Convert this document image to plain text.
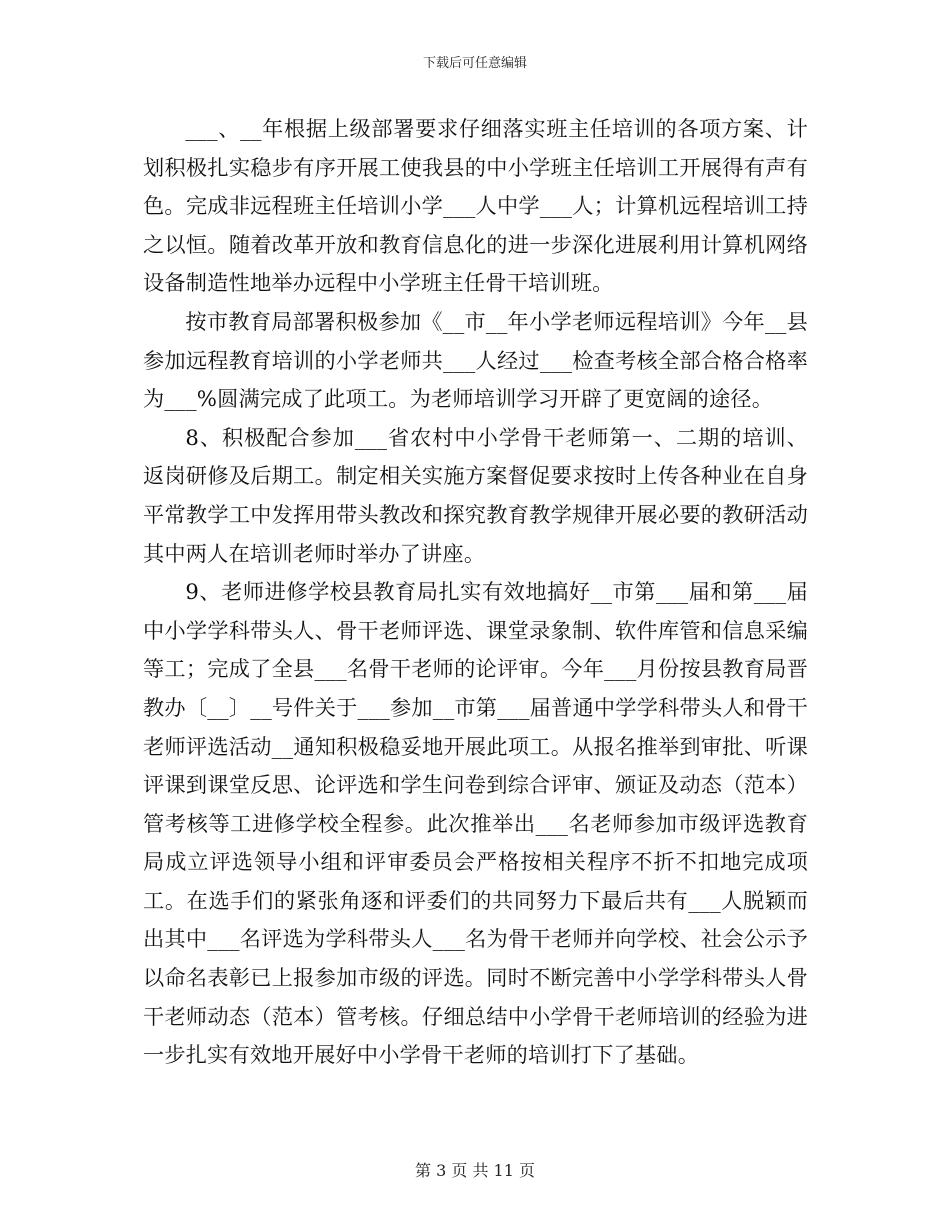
下载后可任意编辑

___、__年根据上级部署要求仔细落实班主任培训的各项方案、计划积极扎实稳步有序开展工使我县的中小学班主任培训工开展得有声有色。完成非远程班主任培训小学___人中学___人；计算机远程培训工持之以恒。随着改革开放和教育信息化的进一步深化进展利用计算机网络设备制造性地举办远程中小学班主任骨干培训班。

按市教育局部署积极参加《__市__年小学老师远程培训》今年__县参加远程教育培训的小学老师共___人经过___检查考核全部合格合格率为___%圆满完成了此项工。为老师培训学习开辟了更宽阔的途径。

8、积极配合参加___省农村中小学骨干老师第一、二期的培训、返岗研修及后期工。制定相关实施方案督促要求按时上传各种业在自身平常教学工中发挥用带头教改和探究教育教学规律开展必要的教研活动其中两人在培训老师时举办了讲座。

9、老师进修学校县教育局扎实有效地搞好__市第___届和第___届中小学学科带头人、骨干老师评选、课堂录象制、软件库管和信息采编等工；完成了全县___名骨干老师的论评审。今年___月份按县教育局晋教办〔__〕__号件关于___参加__市第___届普通中学学科带头人和骨干老师评选活动__通知积极稳妥地开展此项工。从报名推举到审批、听课评课到课堂反思、论评选和学生问卷到综合评审、颁证及动态（范本）管考核等工进修学校全程参。此次推举出___名老师参加市级评选教育局成立评选领导小组和评审委员会严格按相关程序不折不扣地完成项工。在选手们的紧张角逐和评委们的共同努力下最后共有___人脱颖而出其中___名评选为学科带头人___名为骨干老师并向学校、社会公示予以命名表彰已上报参加市级的评选。同时不断完善中小学学科带头人骨干老师动态（范本）管考核。仔细总结中小学骨干老师培训的经验为进一步扎实有效地开展好中小学骨干老师的培训打下了基础。

第 3 页 共 11 页
